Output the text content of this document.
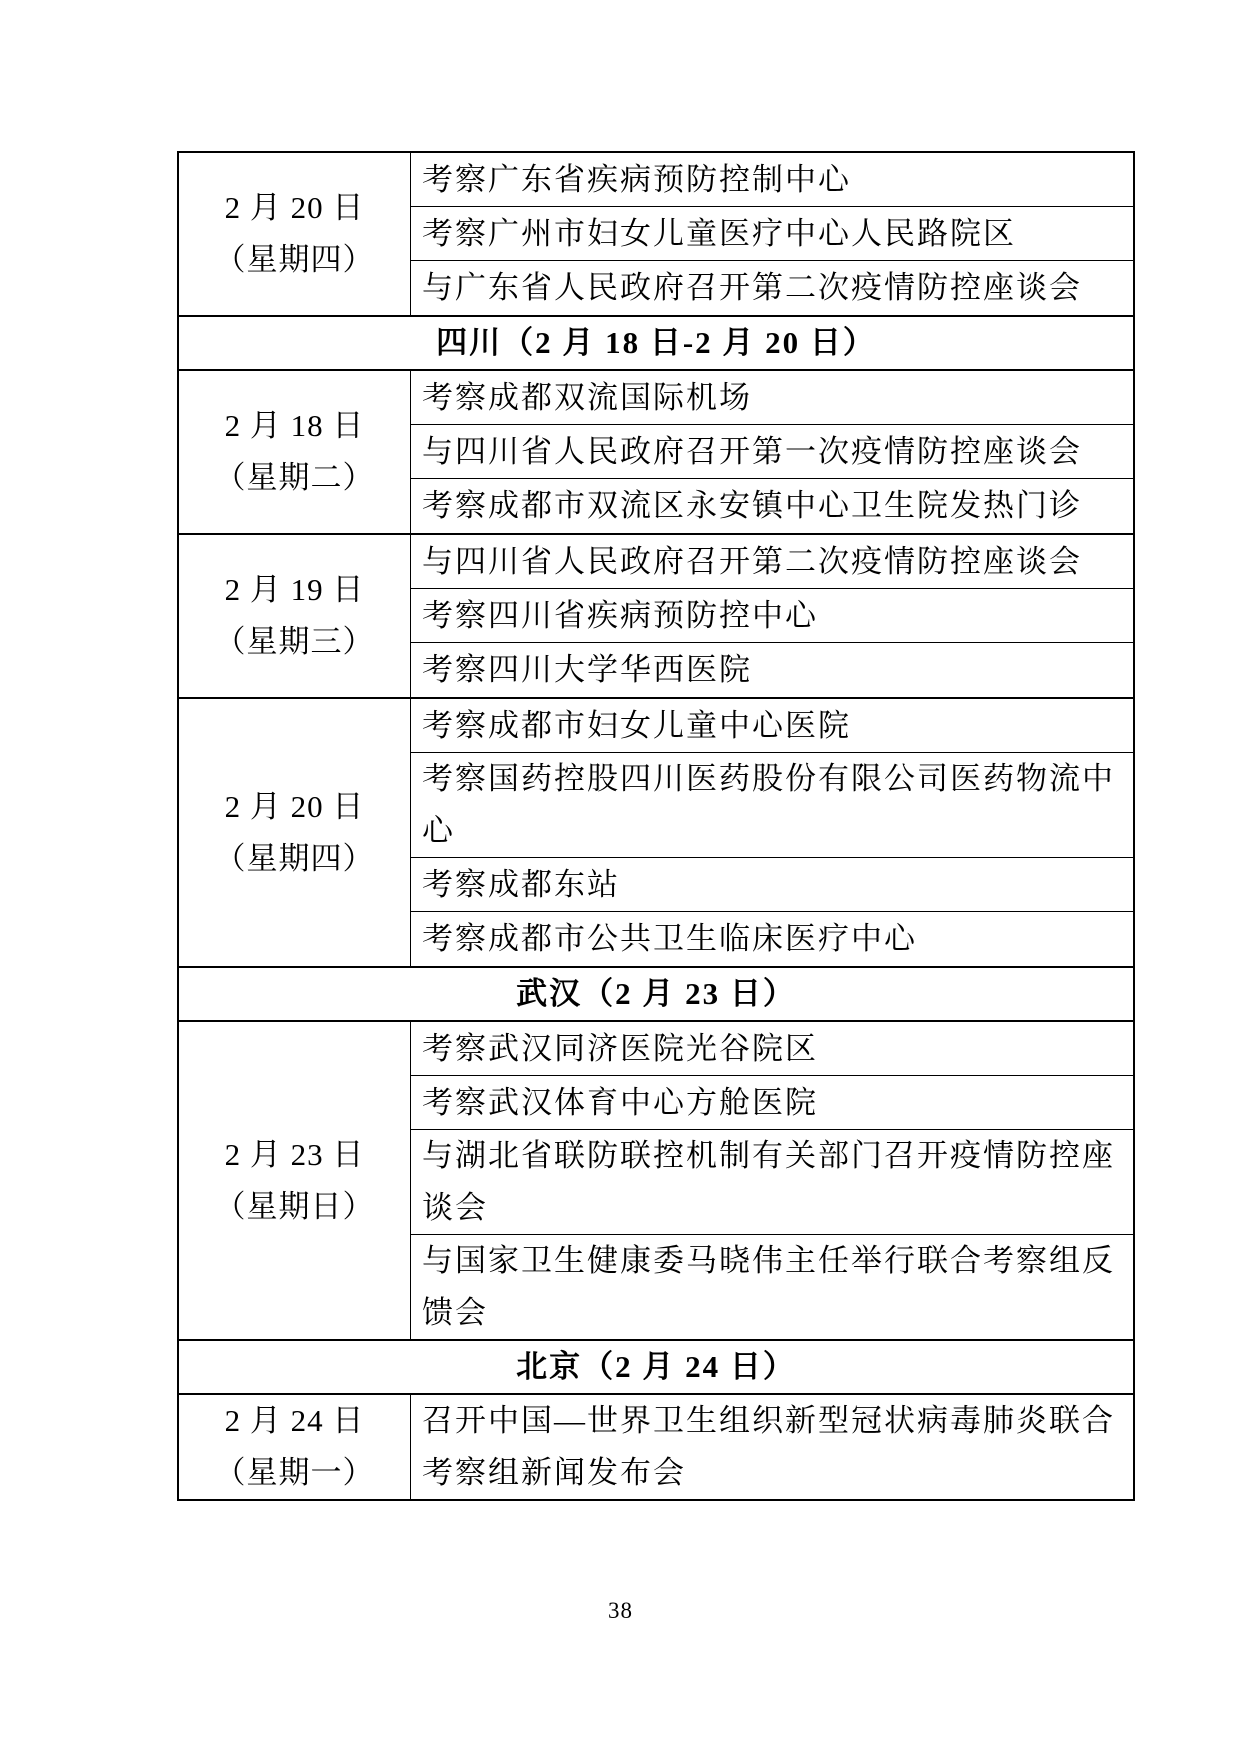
2 月 20 日
（星期四）
考察广东省疾病预防控制中心
考察广州市妇女儿童医疗中心人民路院区
与广东省人民政府召开第二次疫情防控座谈会
四川（2 月 18 日-2 月 20 日）
2 月 18 日
（星期二）
考察成都双流国际机场
与四川省人民政府召开第一次疫情防控座谈会
考察成都市双流区永安镇中心卫生院发热门诊
2 月 19 日
（星期三）
与四川省人民政府召开第二次疫情防控座谈会
考察四川省疾病预防控中心
考察四川大学华西医院
2 月 20 日
（星期四）
考察成都市妇女儿童中心医院
考察国药控股四川医药股份有限公司医药物流中心
考察成都东站
考察成都市公共卫生临床医疗中心
武汉（2 月 23 日）
2 月 23 日
（星期日）
考察武汉同济医院光谷院区
考察武汉体育中心方舱医院
与湖北省联防联控机制有关部门召开疫情防控座谈会
与国家卫生健康委马晓伟主任举行联合考察组反馈会
北京（2 月 24 日）
2 月 24 日
（星期一）
召开中国—世界卫生组织新型冠状病毒肺炎联合考察组新闻发布会
38
